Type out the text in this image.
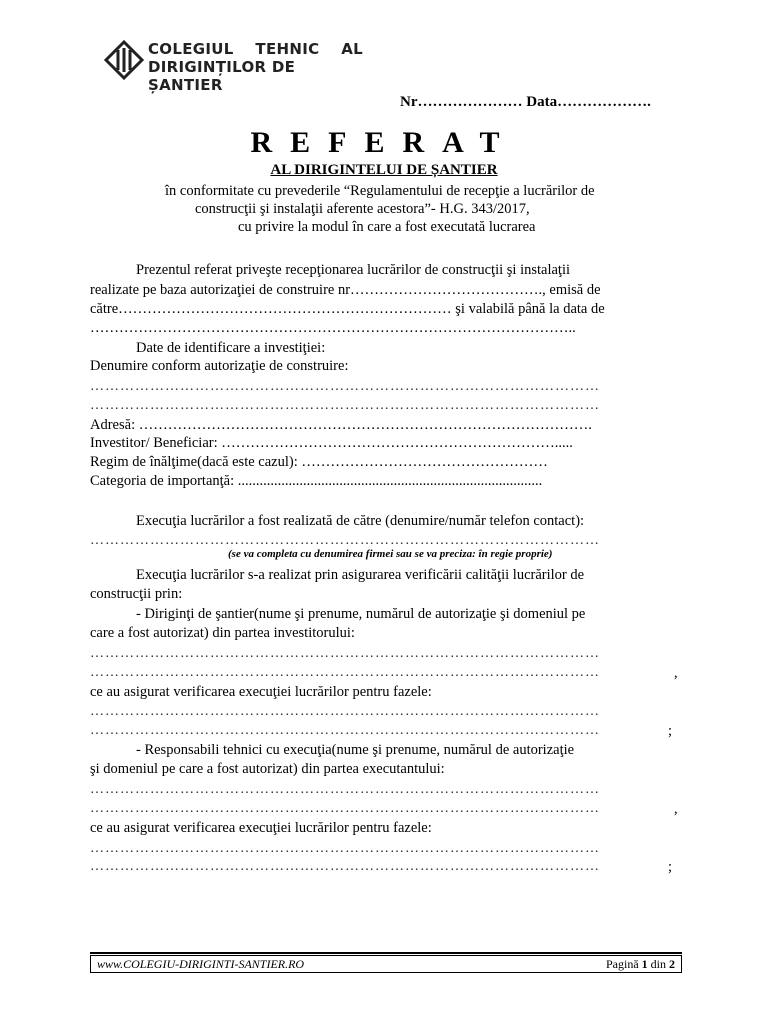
COLEGIUL TEHNIC AL
DIRIGINȚILOR DE ȘANTIER
Nr………………… Data……………….
REFERAT
AL DIRIGINTELUI DE ȘANTIER
în conformitate cu prevederile “Regulamentului de recepţie a lucrărilor de
construcţii şi instalaţii aferente acestora”- H.G. 343/2017,
cu privire la modul în care a fost executată lucrarea
Prezentul referat priveşte recepţionarea lucrărilor de construcţii şi instalaţii
realizate pe baza autorizaţiei de construire nr…………………………………., emisă de
către…………………………………………………………… şi valabilă până la data de
………………………………………………………………………………………..
Date de identificare a investiţiei:
Denumire conform autorizaţie de construire:
…………………………………………………………………………………………
…………………………………………………………………………………………
Adresă: ………………………………………………………………………………….
Investitor/ Beneficiar: …………………………………………………………….....
Regim de înălţime(dacă este cazul): ……………………………………………
Categoria de importanţă: ....................................................................................
Execuţia lucrărilor a fost realizată de către (denumire/număr telefon contact):
…………………………………………………………………………………………
(se va completa cu denumirea firmei sau se va preciza: în regie proprie)
Execuţia lucrărilor s-a realizat prin asigurarea verificării calităţii lucrărilor de
construcţii prin:
- Diriginţi de şantier(nume şi prenume, numărul de autorizaţie şi domeniul pe
care a fost autorizat) din partea investitorului:
…………………………………………………………………………………………
…………………………………………………………………………………………	,
ce au asigurat verificarea execuţiei lucrărilor pentru fazele:
…………………………………………………………………………………………
…………………………………………………………………………………………	;
- Responsabili tehnici cu execuţia(nume şi prenume, numărul de autorizaţie
şi domeniul pe care a fost autorizat) din partea executantului:
…………………………………………………………………………………………
…………………………………………………………………………………………	,
ce au asigurat verificarea execuţiei lucrărilor pentru fazele:
…………………………………………………………………………………………
…………………………………………………………………………………………	;
www.COLEGIU-DIRIGINTI-SANTIER.RO	Pagină 1 din 2
